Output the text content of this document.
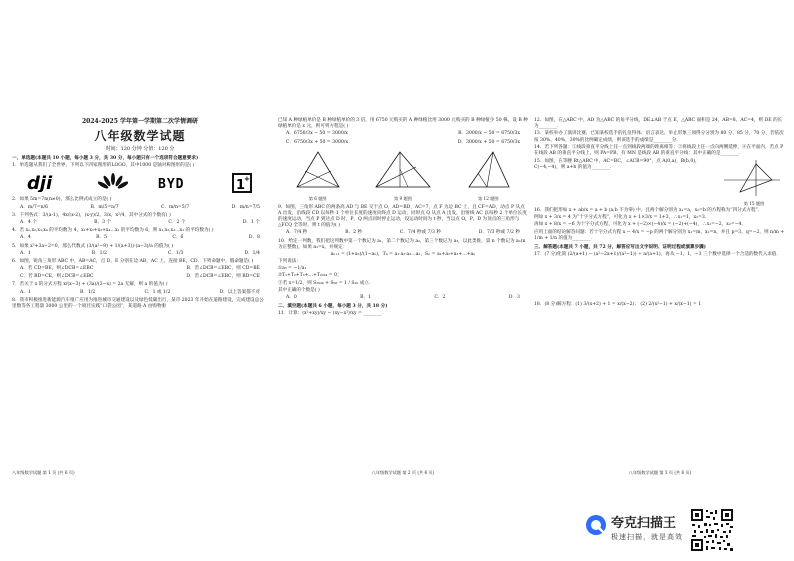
2024-2025 学年第一学期第二次学情调研
八年级数学试题
时间：120 分钟 分值：120 分
一、单选题(本题共 10 小题，每小题 3 分，共 30 分，每小题只有一个选项符合题意要求)
1．单选题从我们了全世界，下列以下四家图形的LOGO，其中1000 是轴对称图形的是( )
dji	BYD	1
+
2．如果 5m=7n(n≠0)，那么比例式成立的是( )
A．m/7=n/6	B．m/5=n/7	C．m/n=5/7	D．m/n=7/5
3．下列各式：3/(a-1)，4x/(x-2)，(x-y)/2，3/x，x²/4，其中分式的个数有( )
A．4 个	B．3 个	C．2 个	D．1 个
4．若 x₁,x₂,x₃,x₄ 的平均数为 4，x₁+x₂+x₃+x₄…x₁ 的平均数为 6，则 x₁,x₂,x₃…x₁ 的平均数为( )
A．4	B．5	C．6	D．8
5．如果 x²+3a−2=0，那么代数式 (3/(a²−9) + 1/(a+3))·(a−3)/a 的值为( )
A．1	B．1/2	C．1/3	D．1/4
6．如图，锐角三角形 ABC 中，AB=AC，点 D，E 分别在边 AB，AC 上，连接 BE，CD．下列命题中，假命题是( )
A．若 CD=BE，则∠DCB=∠EBC	B．若∠DCB=∠EBC，则 CD=BE
C．若 BD=CE，则∠DCB=∠EBC	D．若∠DCB=∠EBC，则 BD=CE
7．若关于 x 的分式方程 x/(x−3) + (3a)/(3−x) = 2a 无解，则 a 的值为( )
A．1	B．1/2	C．1 或 1/2	D．以上答案都不对
8．我市积极推进新能源汽车推广应用为推进城市交通建设以及绿色低碳出行，某市 2023 年开始在道路建设，完成建设总公里数等各工程量 3000 公里的一个项目实践“口袋公园”，某道路 A 由购物驱
八年级数学试题 第 1 页 (共 6 页)
已知 A 种绿植单价是 B 种绿植单价的 3 倍，用 6750 元购买的 A 种绿植比用 3000 元购买的 B 种绿植少 50 株，设 B 种绿植单价是 x 元，则可列方程是( )
A．6750/3x − 50 = 3000/x	B．3000/x − 50 = 6750/3x
C．6750/3x + 50 = 3000/x	D．3000/x + 50 = 6750/3x
第 6 题图	第 9 题图	第 12 题图
9．如图，三角形 ABC 的两条高 AD 与 BE 交于点 O，AD=BD，AC=7，点 F 为边 BC 上，且 CF=AD，动点 P 从点 A 出发，沿线段 CD 以每秒 1 个单位长度的速度向终点 D 运动，同时点 Q 从点 A 出发，沿射线 AC 以每秒 2 个单位长度的速度运动，当点 P 到达点 D 时，P，Q 两点同时停止运动，设运动时间为 t 秒，当以点 O，P，D 为顶点的三角形与△FCQ 全等时，则 t 的值为( )
A．7/4 秒	B．2 秒	C．7/4 秒或 7/3 秒	D．7/3 秒或 7/2 秒
10．给定一列数，我们把这列数中第一个数记为 a₁，第二个数记为 a₂，第三个数记为 a₃，以此类推，第 n 个数记为 aₙ(n 为正整数)，如果 a₁=x，并规定：
aₙ₊₁ = (1+aₙ)/(1−aₙ)，Tₙ = a₁·a₂·a₃…aₙ，Sₙ = a₁+a₂+a₃+…+aₙ
下列说法：
①a₃ = −1/a₁
②T₁+T₂+T₃+…+T₂₀₂₄ = 0；
③若 x=1/2，则 S₂₀₂₄ + S₅₈ = 1 / S₂₀ 成立．
其中正确的个数是( )
A．0	B．1	C．2	D．3
二、填空题(本题共 6 小题，每小题 3 分，共 18 分)
11．计算：(x²+xy)/xy − (xy−x²)/xy = ________．
八年级数学试题 第 2 页 (共 6 页)
12．如图，在△ABC 中，AD 为△ABC 的角平分线，DE⊥AB 于点 E，△ABC 面积是 24，AB=8，AC=4，则 DE 的长为________．
13．某校举办了演讲比赛，已知某校选手的礼仪得体、语言表达、举止形象三项得分分别为 80 分，85 分，70 分，若依次按 30%，40%，30%的比例确定成绩，则该选手的成绩是________分．
14．若下列各题：①线段垂直平分线上任一点到线段两端的距离相等；②将线段上任一点向两侧延伸，④在平面内，若点 P 在线段 AB 的垂直平分线上，则 PA=PB，有 MN 是线段 AB 的垂直平分线：其中正确的是________．
15．如图，在等腰 Rt△ABC 中，AC=BC，∠ACB=90°，点 A(0,a)，B(b,0)，C(−4,−4)，则 a+b 的值为________．
第 15 题图
16．我们把形如 x + ab/x = a + b (a,b 不为零) 中，且两个解分别为 x₁=a，x₂=b 的方程称为“四分式方程”．
例如 x + 3/x = 4 为“十字分式方程”，可化为 x + 1×3/x = 1+3，∴x₁=1，x₂=3．
再如 x + 8/x = −6 为十字分式方程，可化为 x + (−2)×(−4)/x = (−2)+(−4)，∴x₁=−2，x₂=−4．
应用上面的结论解答问题：若十字分式方程 x − 4/x = −p 的两个解分别为 x₁=m，x₂=n，并且 p=3，q=−2，则 n/m + 1/m + 1/n 的值为________．
三、解答题(本题共 7 小题，共 72 分，解答应写出文字说明、证明过程或演算步骤)
17．(7 分)化简 (2/(a+1) − (a²−2a+1)/(a²−1)) ÷ a/(a+1)，再从 −1，1，−3 三个数中选择一个合适的数代入求值．
18．(8 分)解方程：(1) 3/(x+2) + 1 = x/(x−2)； (2) 2/(x²−1) + x/(x−1) = 1
八年级数学试题 第 3 页 (共 6 页)
夸克扫描王
极速扫描，就是高效
